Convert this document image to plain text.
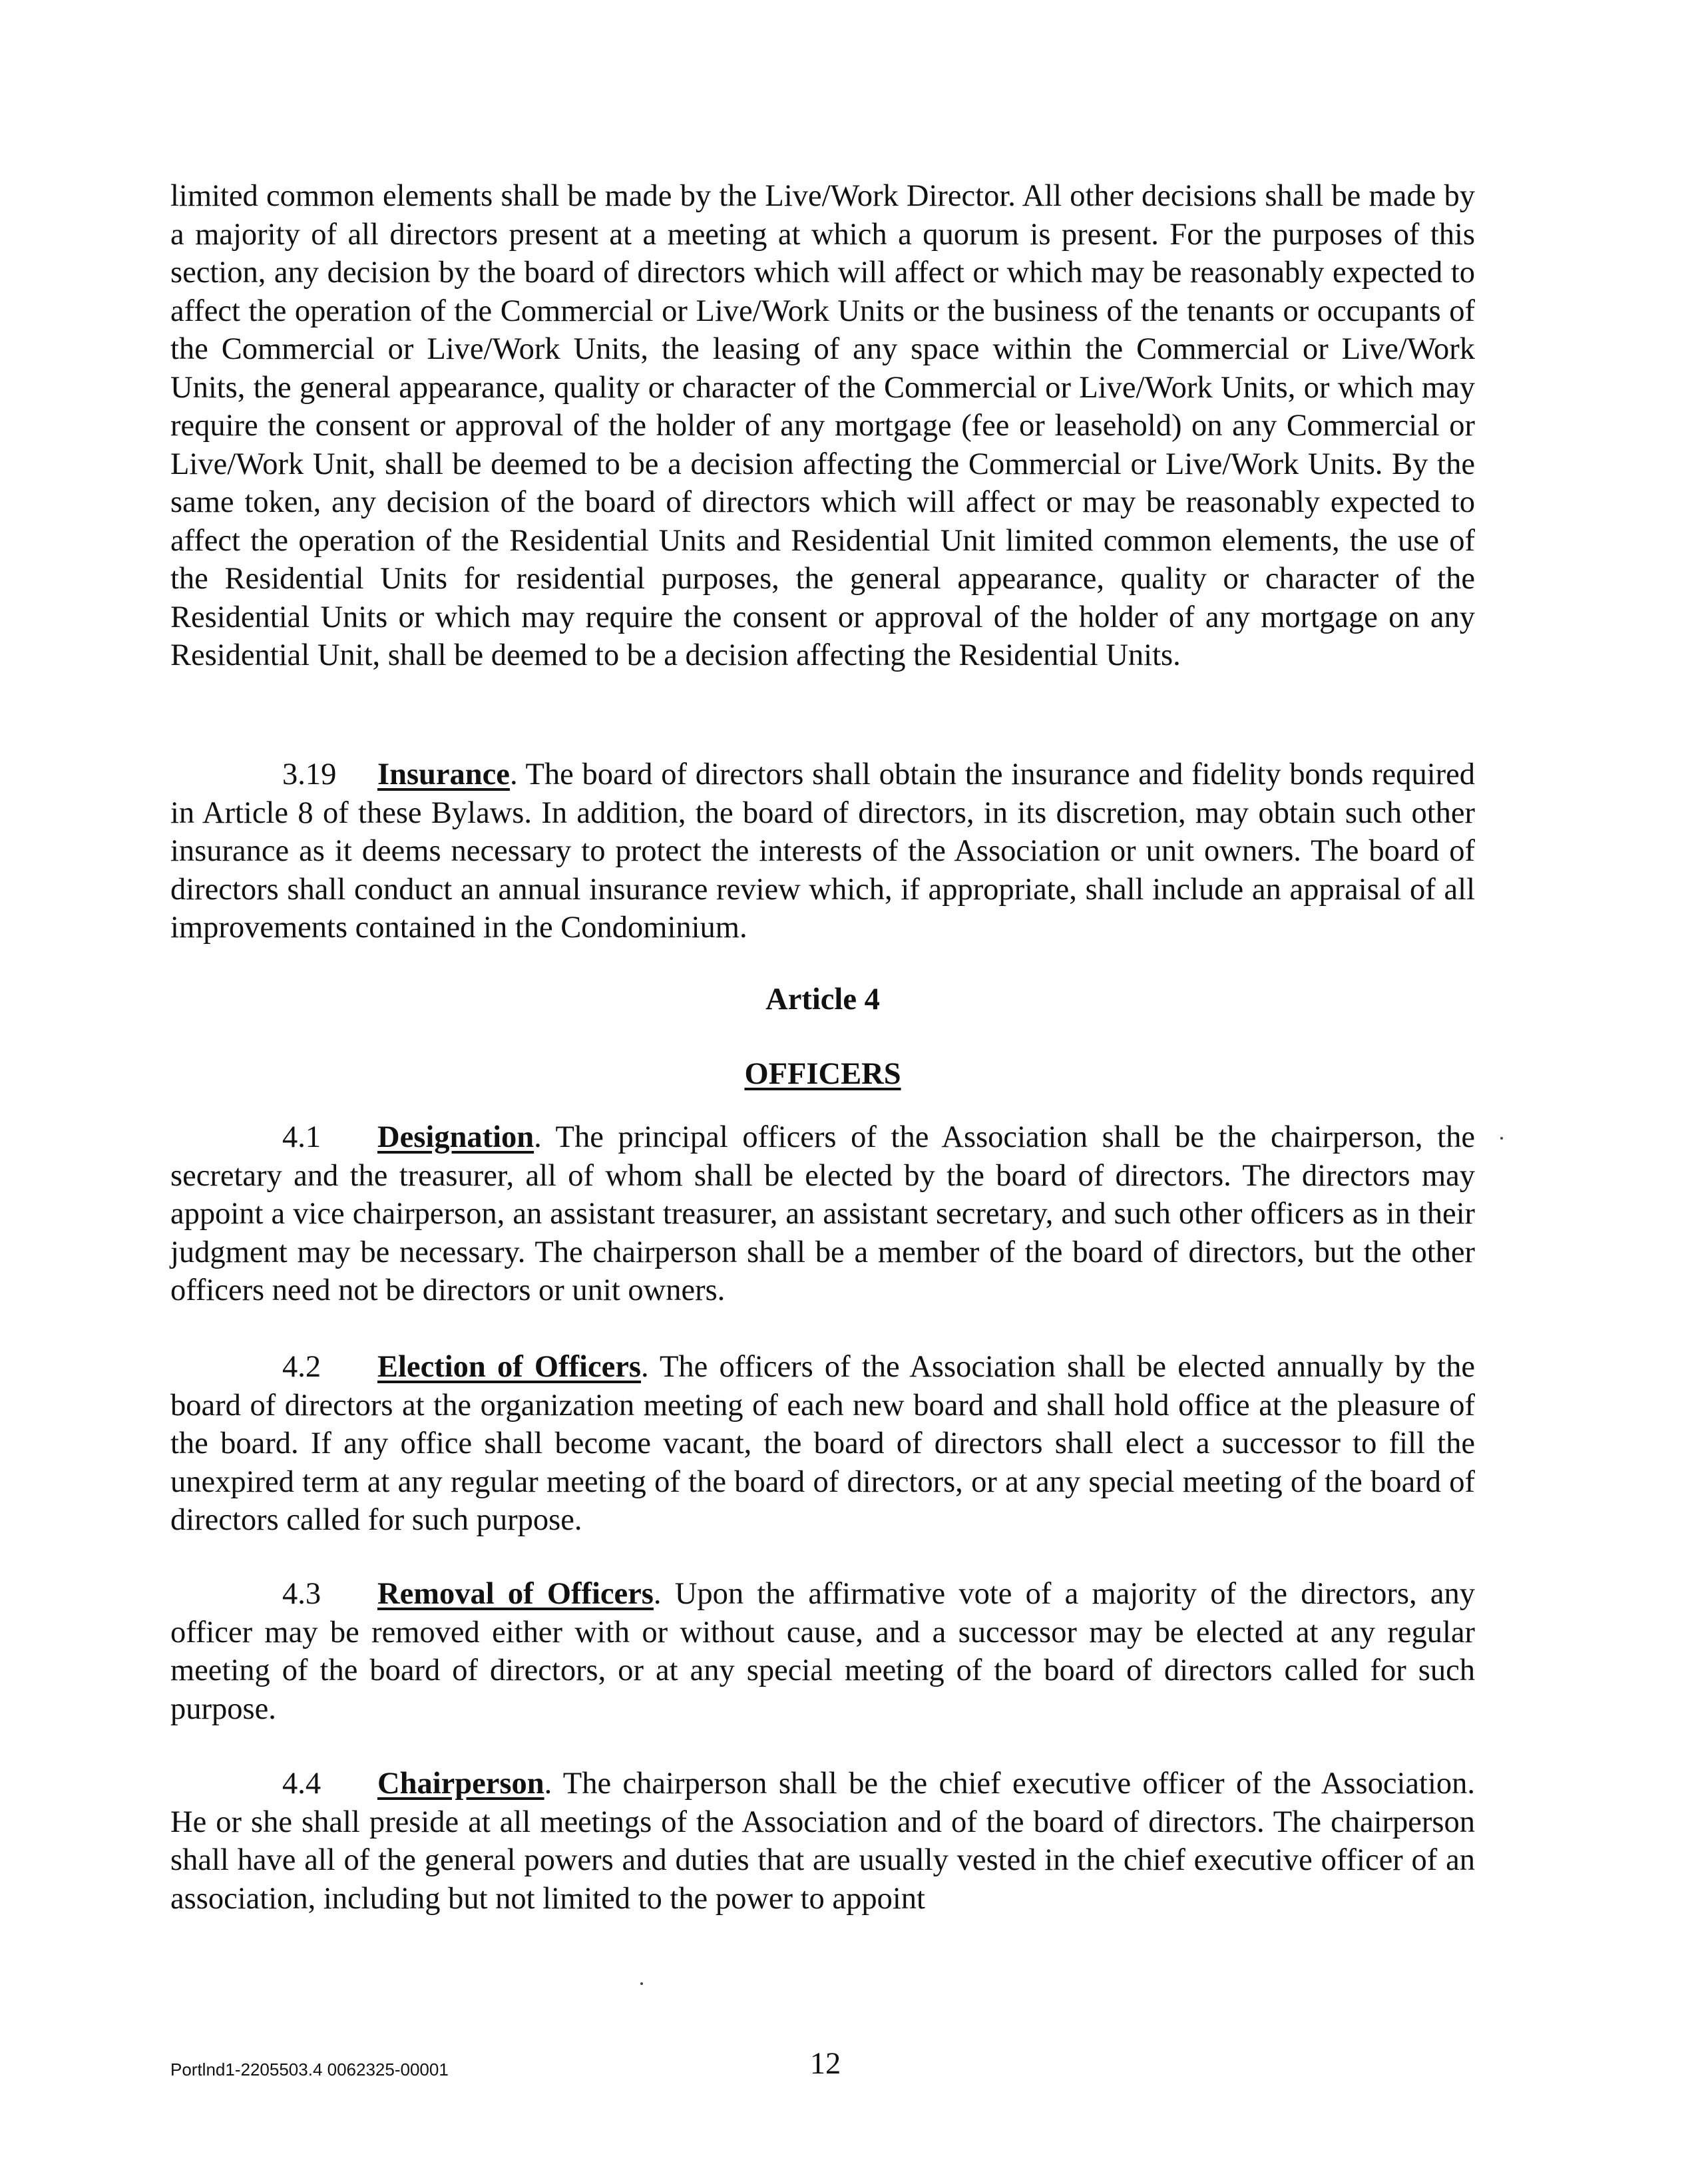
limited common elements shall be made by the Live/Work Director. All other decisions shall be made by a majority of all directors present at a meeting at which a quorum is present. For the purposes of this section, any decision by the board of directors which will affect or which may be reasonably expected to affect the operation of the Commercial or Live/Work Units or the business of the tenants or occupants of the Commercial or Live/Work Units, the leasing of any space within the Commercial or Live/Work Units, the general appearance, quality or character of the Commercial or Live/Work Units, or which may require the consent or approval of the holder of any mortgage (fee or leasehold) on any Commercial or Live/Work Unit, shall be deemed to be a decision affecting the Commercial or Live/Work Units. By the same token, any decision of the board of directors which will affect or may be reasonably expected to affect the operation of the Residential Units and Residential Unit limited common elements, the use of the Residential Units for residential purposes, the general appearance, quality or character of the Residential Units or which may require the consent or approval of the holder of any mortgage on any Residential Unit, shall be deemed to be a decision affecting the Residential Units.

3.19 Insurance. The board of directors shall obtain the insurance and fidelity bonds required in Article 8 of these Bylaws. In addition, the board of directors, in its discretion, may obtain such other insurance as it deems necessary to protect the interests of the Association or unit owners. The board of directors shall conduct an annual insurance review which, if appropriate, shall include an appraisal of all improvements contained in the Condominium.

Article 4

OFFICERS

4.1 Designation. The principal officers of the Association shall be the chairperson, the secretary and the treasurer, all of whom shall be elected by the board of directors. The directors may appoint a vice chairperson, an assistant treasurer, an assistant secretary, and such other officers as in their judgment may be necessary. The chairperson shall be a member of the board of directors, but the other officers need not be directors or unit owners.

4.2 Election of Officers. The officers of the Association shall be elected annually by the board of directors at the organization meeting of each new board and shall hold office at the pleasure of the board. If any office shall become vacant, the board of directors shall elect a successor to fill the unexpired term at any regular meeting of the board of directors, or at any special meeting of the board of directors called for such purpose.

4.3 Removal of Officers. Upon the affirmative vote of a majority of the directors, any officer may be removed either with or without cause, and a successor may be elected at any regular meeting of the board of directors, or at any special meeting of the board of directors called for such purpose.

4.4 Chairperson. The chairperson shall be the chief executive officer of the Association. He or she shall preside at all meetings of the Association and of the board of directors. The chairperson shall have all of the general powers and duties that are usually vested in the chief executive officer of an association, including but not limited to the power to appoint

Portlnd1-2205503.4 0062325-00001	12
